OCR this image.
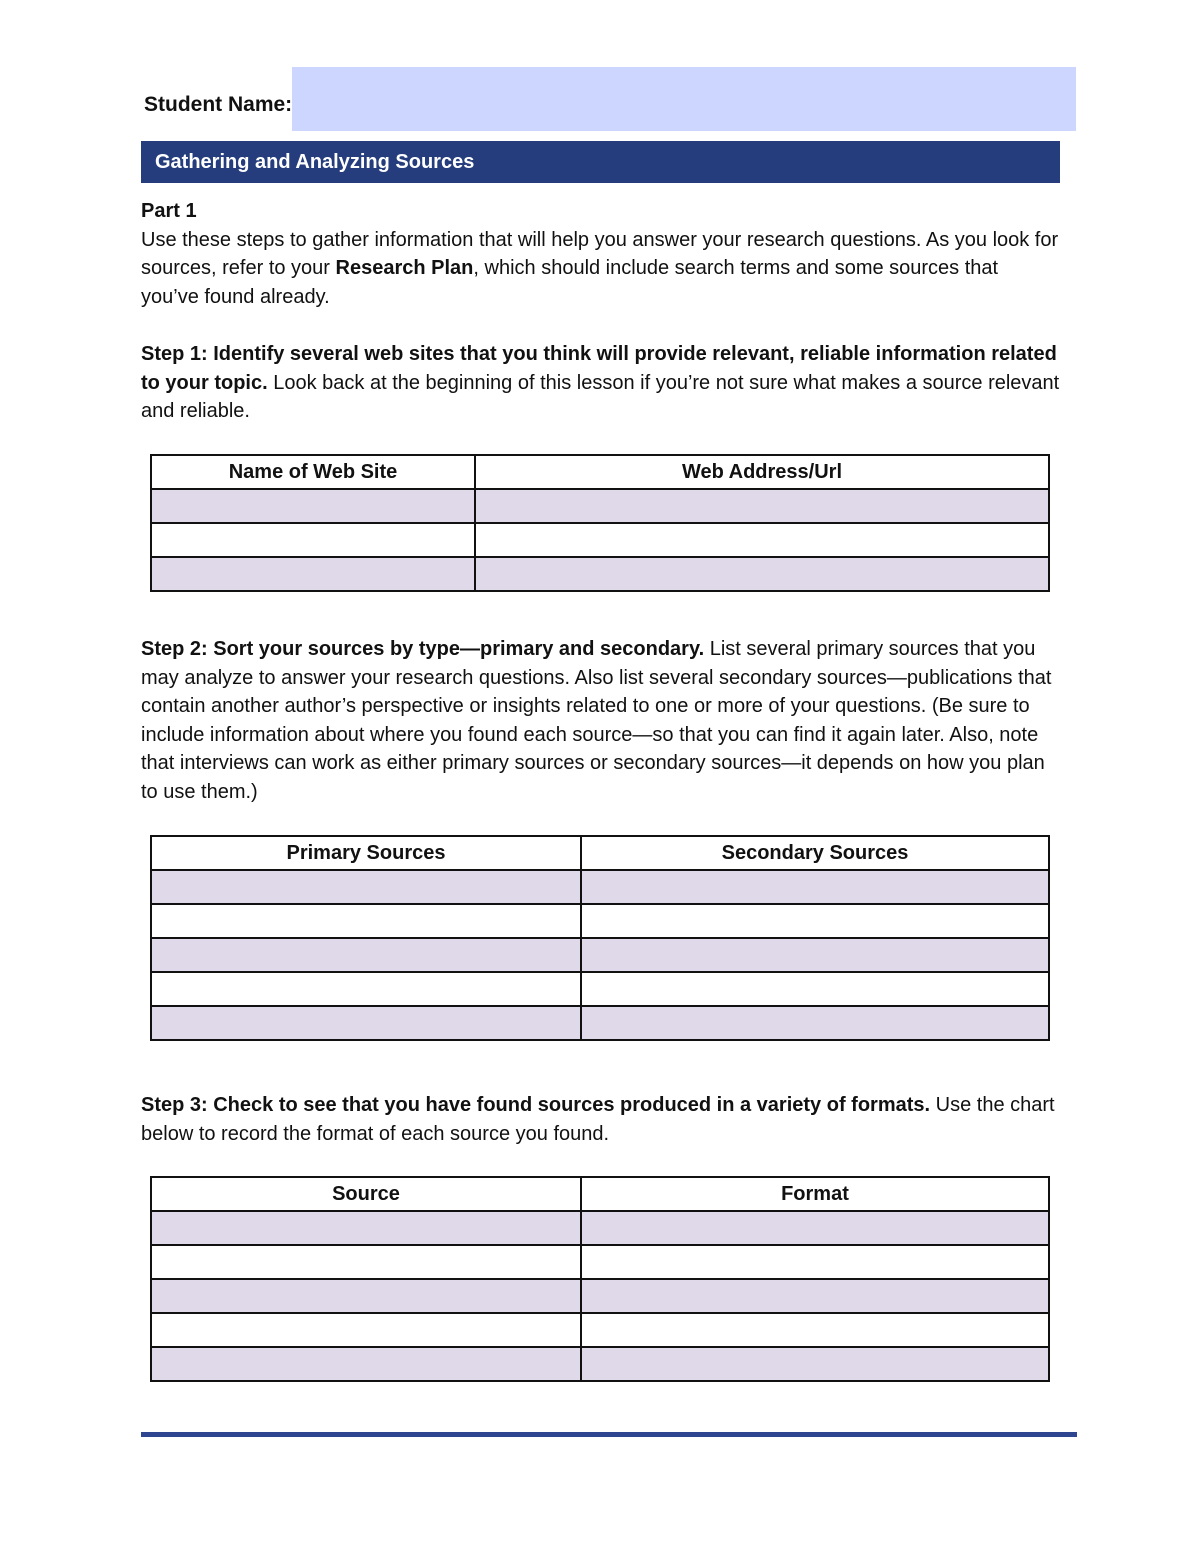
Student Name:
Gathering and Analyzing Sources
Part 1
Use these steps to gather information that will help you answer your research questions. As you look for sources, refer to your Research Plan, which should include search terms and some sources that you’ve found already.
Step 1: Identify several web sites that you think will provide relevant, reliable information related to your topic. Look back at the beginning of this lesson if you’re not sure what makes a source relevant and reliable.
Name of Web Site	Web Address/Url

Step 2: Sort your sources by type—primary and secondary. List several primary sources that you may analyze to answer your research questions. Also list several secondary sources—publications that contain another author’s perspective or insights related to one or more of your questions. (Be sure to include information about where you found each source—so that you can find it again later. Also, note that interviews can work as either primary sources or secondary sources—it depends on how you plan to use them.)
Primary Sources	Secondary Sources

Step 3: Check to see that you have found sources produced in a variety of formats. Use the chart below to record the format of each source you found.
Source	Format
